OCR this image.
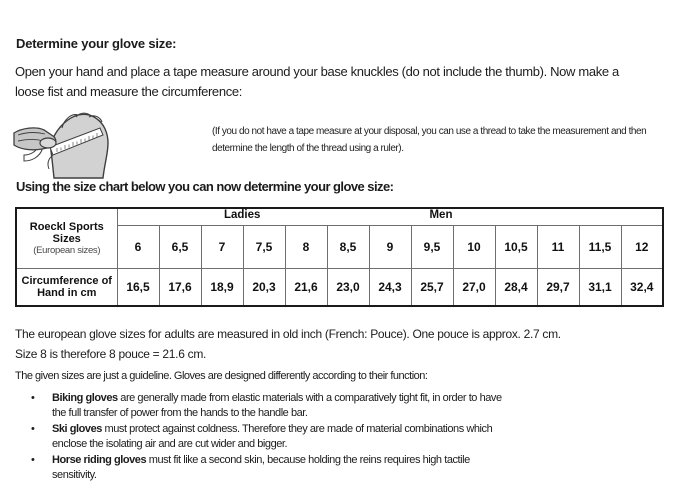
Determine your glove size:
Open your hand and place a tape measure around your base knuckles (do not include the thumb). Now make a
loose fist and measure the circumference:
(If you do not have a tape measure at your disposal, you can use a thread to take the measurement and then
determine the length of the thread using a ruler).
Using the size chart below you can now determine your glove size:
Roeckl Sports
Sizes
(European sizes)

Ladies	Men

	6	6,5	7	7,5	8	8,5	9	9,5	10	10,5	11	11,5	12

Circumference of
Hand in cm	16,5	17,6	18,9	20,3	21,6	23,0	24,3	25,7	27,0	28,4	29,7	31,1	32,4
The european glove sizes for adults are measured in old inch (French: Pouce). One pouce is approx. 2.7 cm.
Size 8 is therefore 8 pouce = 21.6 cm.
The given sizes are just a guideline. Gloves are designed differently according to their function:
•	Biking gloves are generally made from elastic materials with a comparatively tight fit, in order to have
the full transfer of power from the hands to the handle bar.
•	Ski gloves must protect against coldness. Therefore they are made of material combinations which
enclose the isolating air and are cut wider and bigger.
•	Horse riding gloves must fit like a second skin, because holding the reins requires high tactile
sensitivity.
